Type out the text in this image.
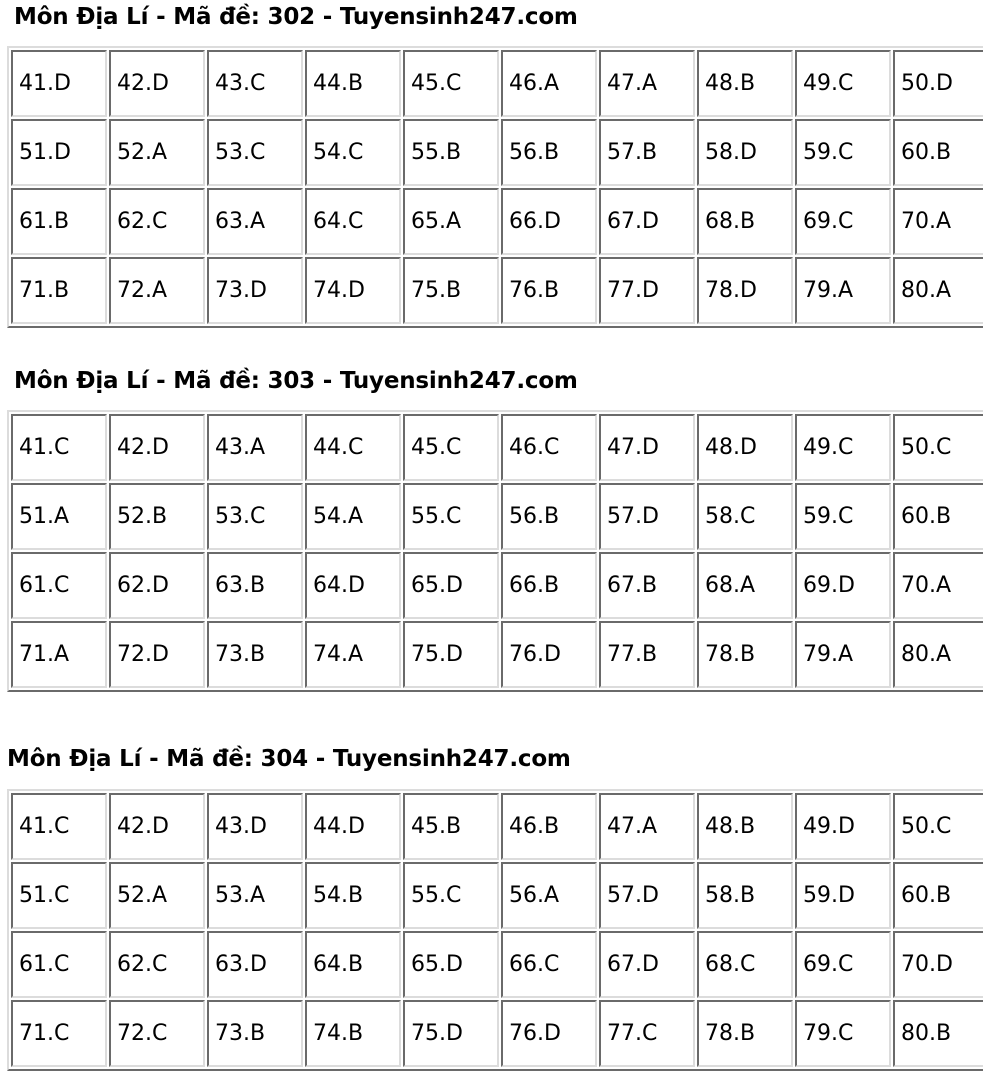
Môn Địa Lí - Mã đề: 302 - Tuyensinh247.com
41.D	42.D	43.C	44.B	45.C	46.A	47.A	48.B	49.C	50.D
51.D	52.A	53.C	54.C	55.B	56.B	57.B	58.D	59.C	60.B
61.B	62.C	63.A	64.C	65.A	66.D	67.D	68.B	69.C	70.A
71.B	72.A	73.D	74.D	75.B	76.B	77.D	78.D	79.A	80.A
Môn Địa Lí - Mã đề: 303 - Tuyensinh247.com
41.C	42.D	43.A	44.C	45.C	46.C	47.D	48.D	49.C	50.C
51.A	52.B	53.C	54.A	55.C	56.B	57.D	58.C	59.C	60.B
61.C	62.D	63.B	64.D	65.D	66.B	67.B	68.A	69.D	70.A
71.A	72.D	73.B	74.A	75.D	76.D	77.B	78.B	79.A	80.A
Môn Địa Lí - Mã đề: 304 - Tuyensinh247.com
41.C	42.D	43.D	44.D	45.B	46.B	47.A	48.B	49.D	50.C
51.C	52.A	53.A	54.B	55.C	56.A	57.D	58.B	59.D	60.B
61.C	62.C	63.D	64.B	65.D	66.C	67.D	68.C	69.C	70.D
71.C	72.C	73.B	74.B	75.D	76.D	77.C	78.B	79.C	80.B
